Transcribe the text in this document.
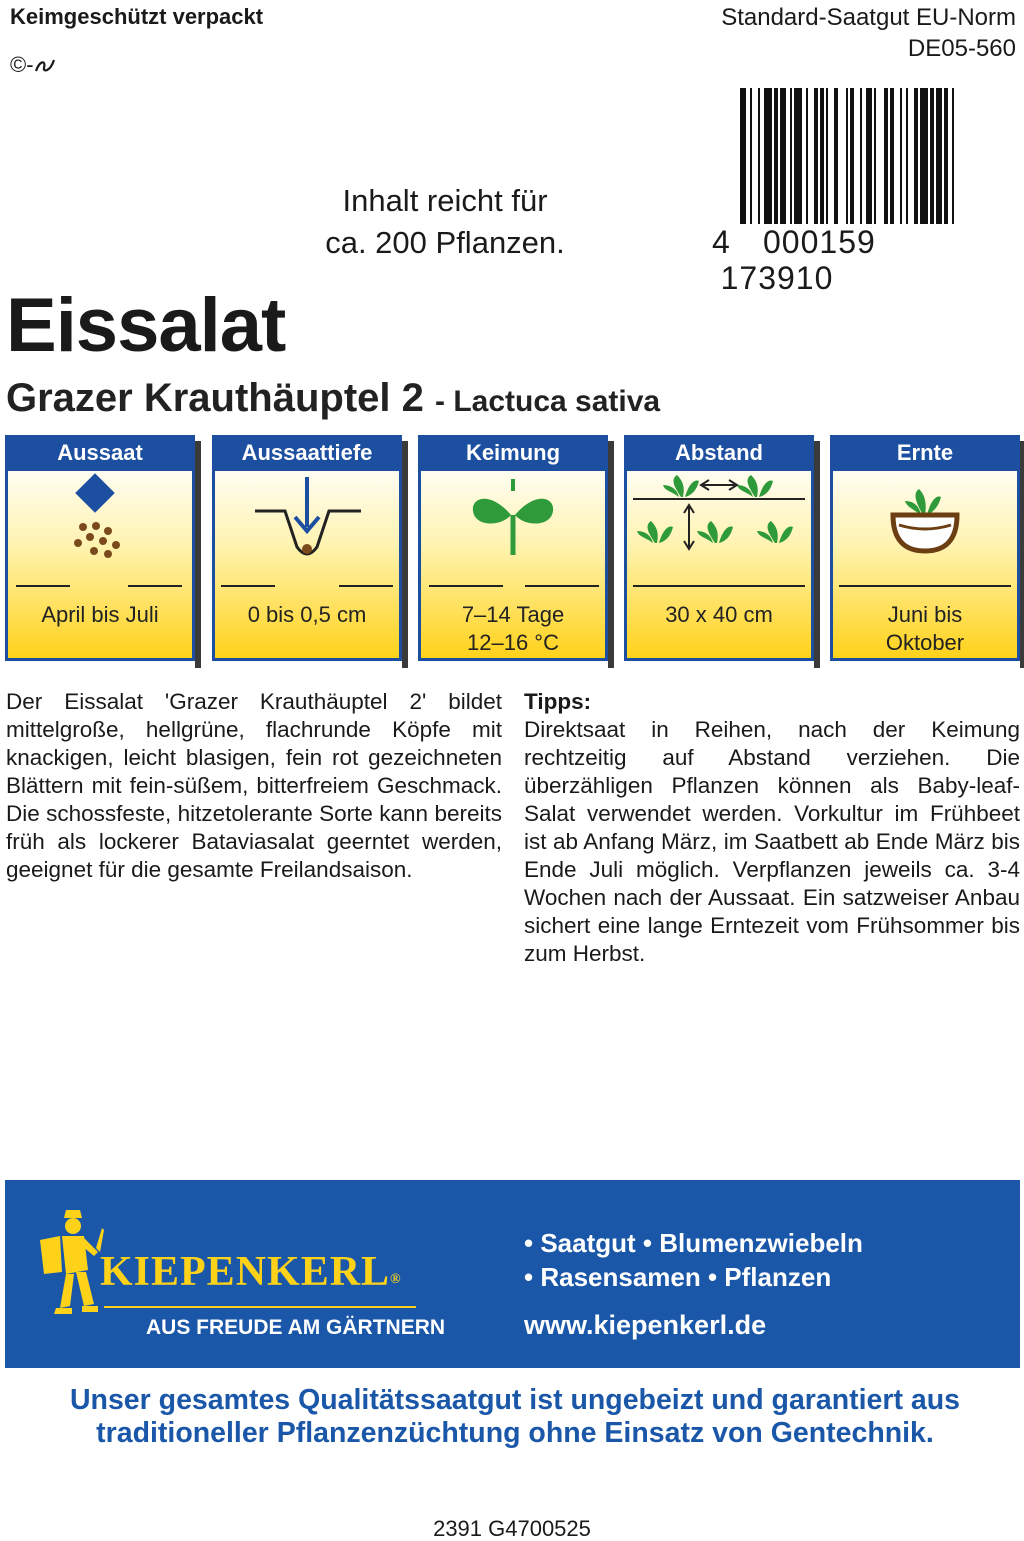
Keimgeschützt verpackt
©-
Standard-Saatgut EU-Norm
DE05-560
4 000159 173910
Inhalt reicht für
ca. 200 Pflanzen.
Eissalat
Grazer Krauthäuptel 2 - Lactuca sativa
Aussaat
April bis Juli
Aussaattiefe
0 bis 0,5 cm
Keimung
7–14 Tage
12–16 °C
Abstand
30 x 40 cm
Ernte
Juni bis
Oktober
Der Eissalat 'Grazer Krauthäuptel 2' bildet mittelgroße, hellgrüne, flachrunde Köpfe mit knackigen, leicht blasigen, fein rot gezeichneten Blättern mit fein-süßem, bitterfreiem Geschmack. Die schossfeste, hitzetolerante Sorte kann bereits früh als lockerer Bataviasalat geerntet werden, geeignet für die gesamte Freilandsaison.
Tipps:
Direktsaat in Reihen, nach der Keimung rechtzeitig auf Abstand verziehen. Die überzähligen Pflanzen können als Baby-leaf-Salat verwendet werden. Vorkultur im Frühbeet ist ab Anfang März, im Saatbett ab Ende März bis Ende Juli möglich. Verpflanzen jeweils ca. 3-4 Wochen nach der Aussaat. Ein satzweiser Anbau sichert eine lange Erntezeit vom Frühsommer bis zum Herbst.
KIEPENKERL®
AUS FREUDE AM GÄRTNERN
• Saatgut • Blumenzwiebeln
• Rasensamen • Pflanzen
www.kiepenkerl.de
Unser gesamtes Qualitätssaatgut ist ungebeizt und garantiert aus
traditioneller Pflanzenzüchtung ohne Einsatz von Gentechnik.
2391 G4700525
